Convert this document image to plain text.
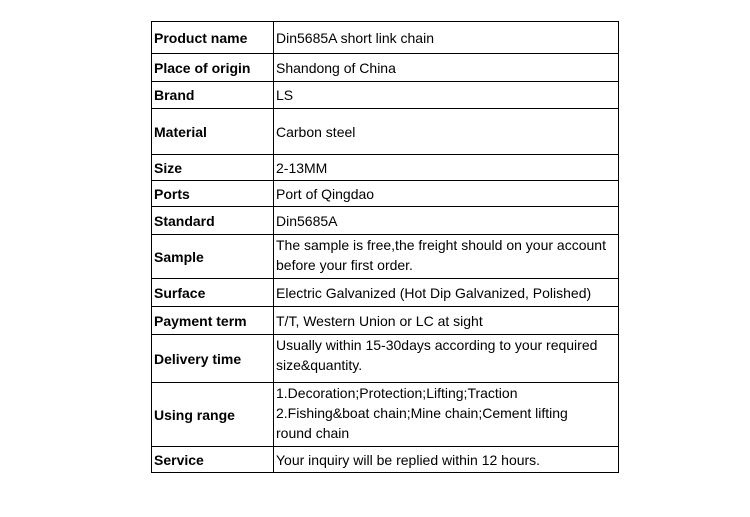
Product name	Din5685A short link chain

Place of origin	Shandong of China

Brand	LS

Material	Carbon steel

Size	2-13MM

Ports	Port of Qingdao

Standard	Din5685A

Sample	The sample is free,the freight should on your account
before your first order.

Surface	Electric Galvanized (Hot Dip Galvanized, Polished)

Payment term	T/T, Western Union or LC at sight

Delivery time	Usually within 15-30days according to your required
size&quantity.

Using range	1.Decoration;Protection;Lifting;Traction
2.Fishing&boat chain;Mine chain;Cement lifting
round chain

Service	Your inquiry will be replied within 12 hours.
